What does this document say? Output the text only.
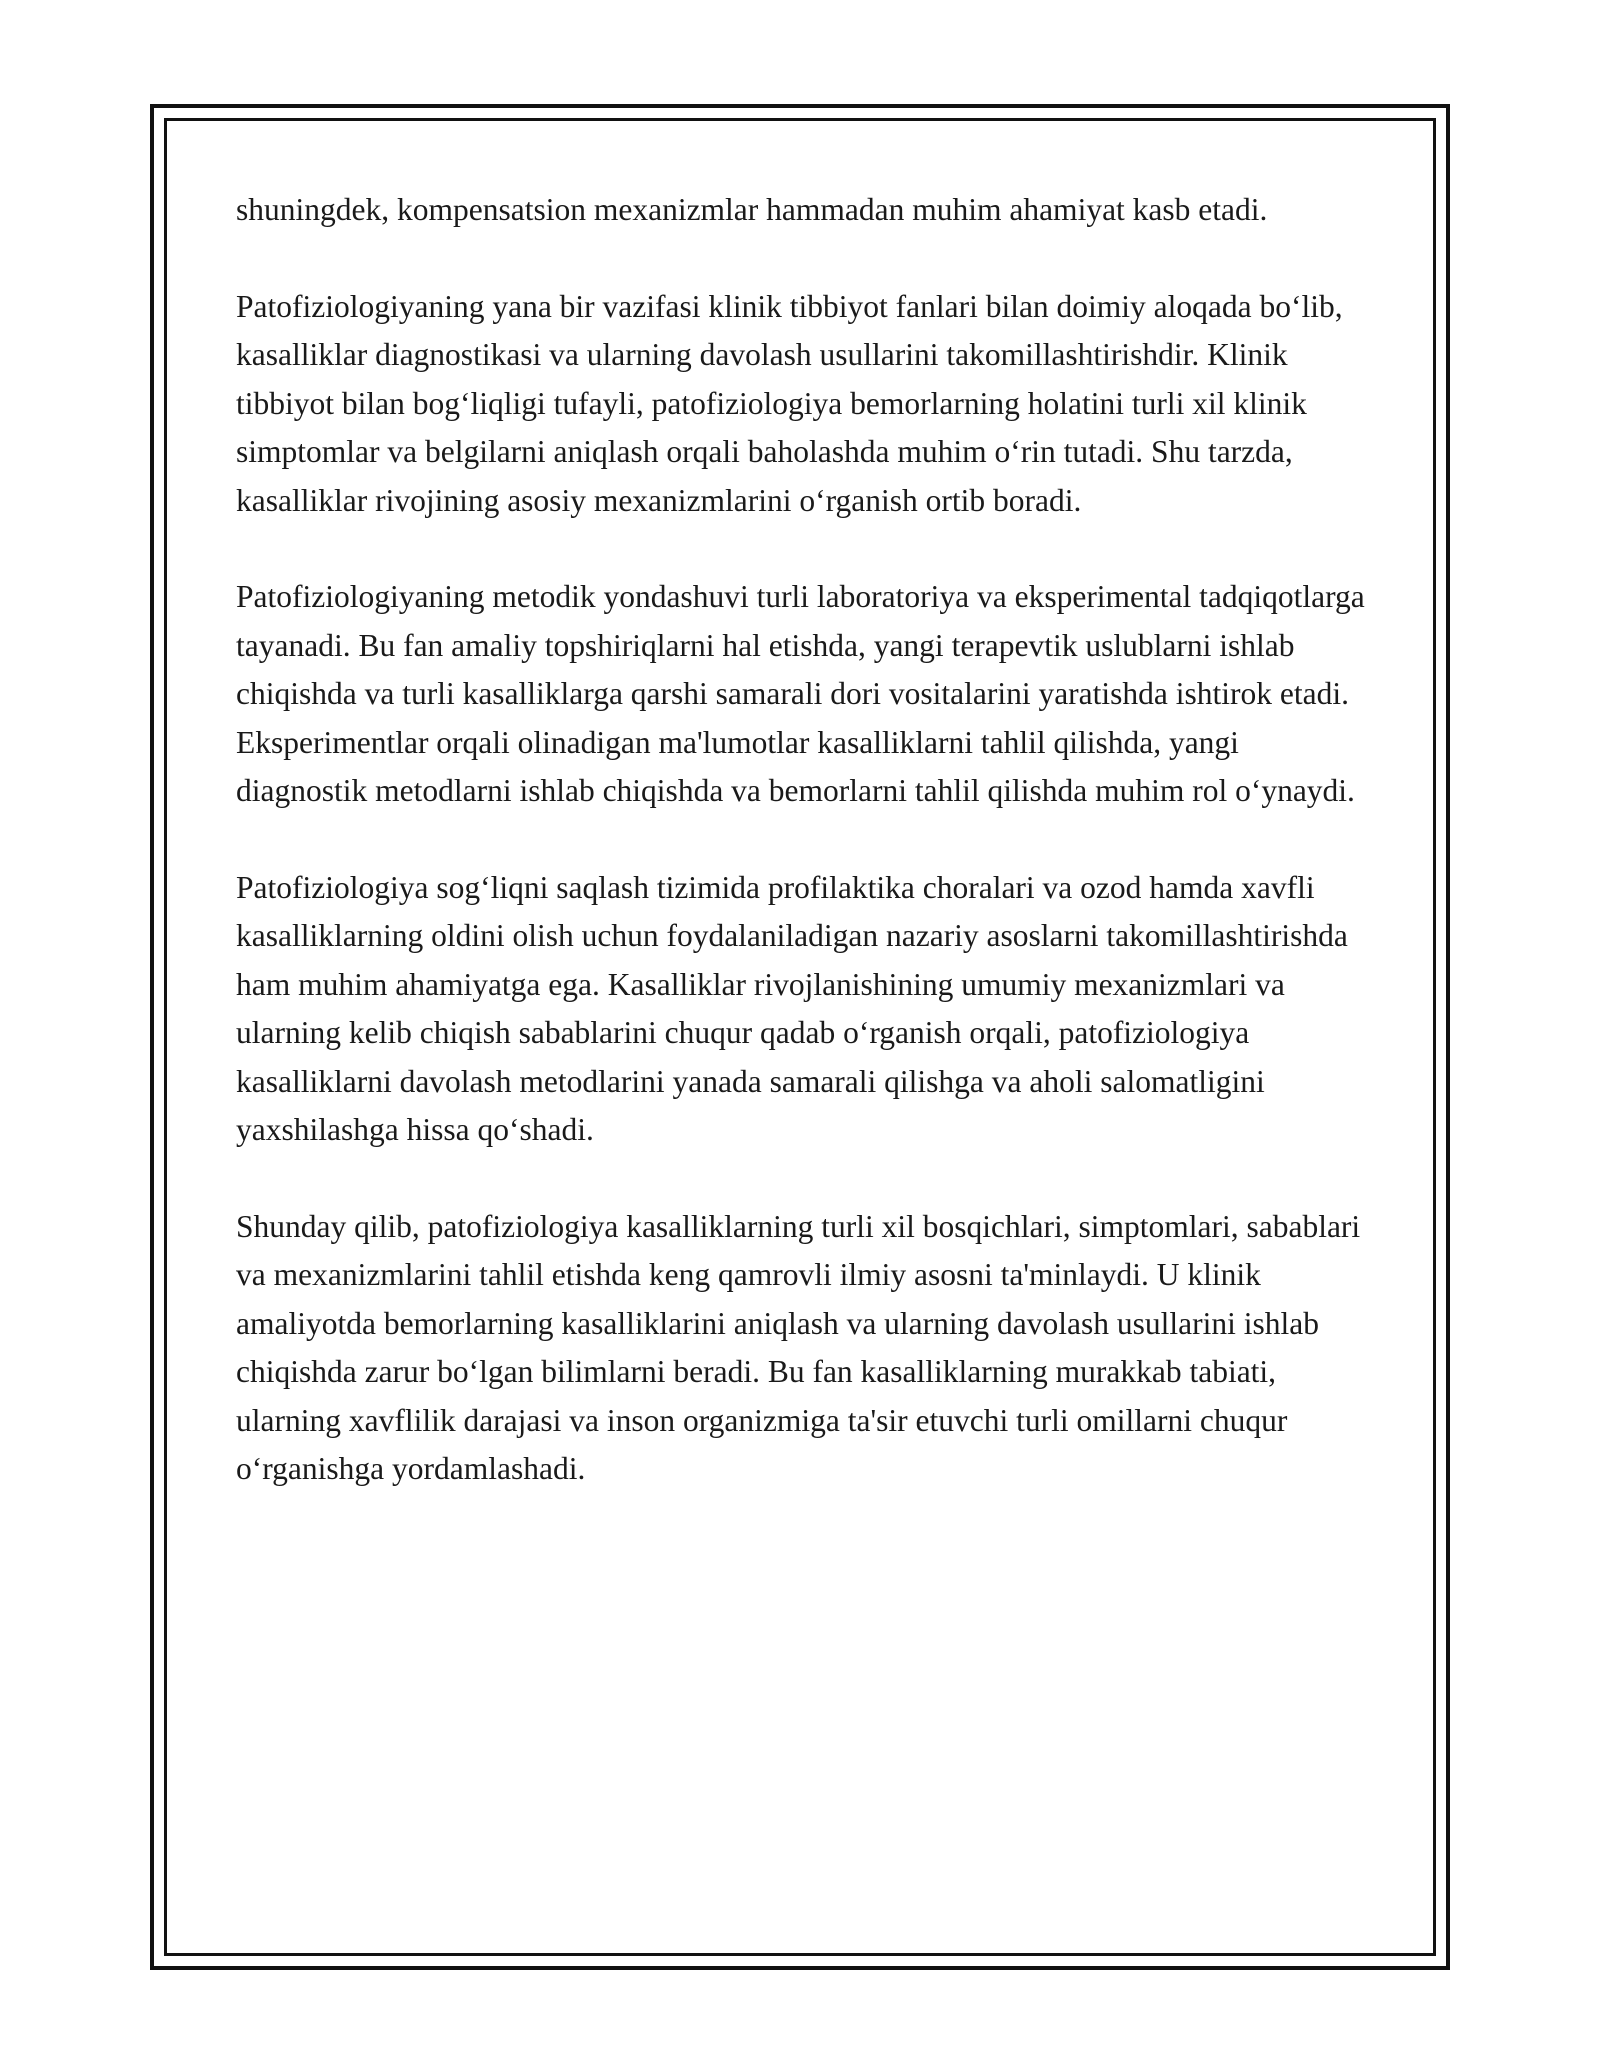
shuningdek, kompensatsion mexanizmlar hammadan muhim ahamiyat kasb etadi.

Patofiziologiyaning yana bir vazifasi klinik tibbiyot fanlari bilan doimiy aloqada bo‘lib, kasalliklar diagnostikasi va ularning davolash usullarini takomillashtirishdir. Klinik tibbiyot bilan bog‘liqligi tufayli, patofiziologiya bemorlarning holatini turli xil klinik simptomlar va belgilarni aniqlash orqali baholashda muhim o‘rin tutadi. Shu tarzda, kasalliklar rivojining asosiy mexanizmlarini o‘rganish ortib boradi.

Patofiziologiyaning metodik yondashuvi turli laboratoriya va eksperimental tadqiqotlarga tayanadi. Bu fan amaliy topshiriqlarni hal etishda, yangi terapevtik uslublarni ishlab chiqishda va turli kasalliklarga qarshi samarali dori vositalarini yaratishda ishtirok etadi. Eksperimentlar orqali olinadigan ma'lumotlar kasalliklarni tahlil qilishda, yangi diagnostik metodlarni ishlab chiqishda va bemorlarni tahlil qilishda muhim rol o‘ynaydi.

Patofiziologiya sog‘liqni saqlash tizimida profilaktika choralari va ozod hamda xavfli kasalliklarning oldini olish uchun foydalaniladigan nazariy asoslarni takomillashtirishda ham muhim ahamiyatga ega. Kasalliklar rivojlanishining umumiy mexanizmlari va ularning kelib chiqish sabablarini chuqur qadab o‘rganish orqali, patofiziologiya kasalliklarni davolash metodlarini yanada samarali qilishga va aholi salomatligini yaxshilashga hissa qo‘shadi.

Shunday qilib, patofiziologiya kasalliklarning turli xil bosqichlari, simptomlari, sabablari va mexanizmlarini tahlil etishda keng qamrovli ilmiy asosni ta'minlaydi. U klinik amaliyotda bemorlarning kasalliklarini aniqlash va ularning davolash usullarini ishlab chiqishda zarur bo‘lgan bilimlarni beradi. Bu fan kasalliklarning murakkab tabiati, ularning xavflilik darajasi va inson organizmiga ta'sir etuvchi turli omillarni chuqur o‘rganishga yordamlashadi.
